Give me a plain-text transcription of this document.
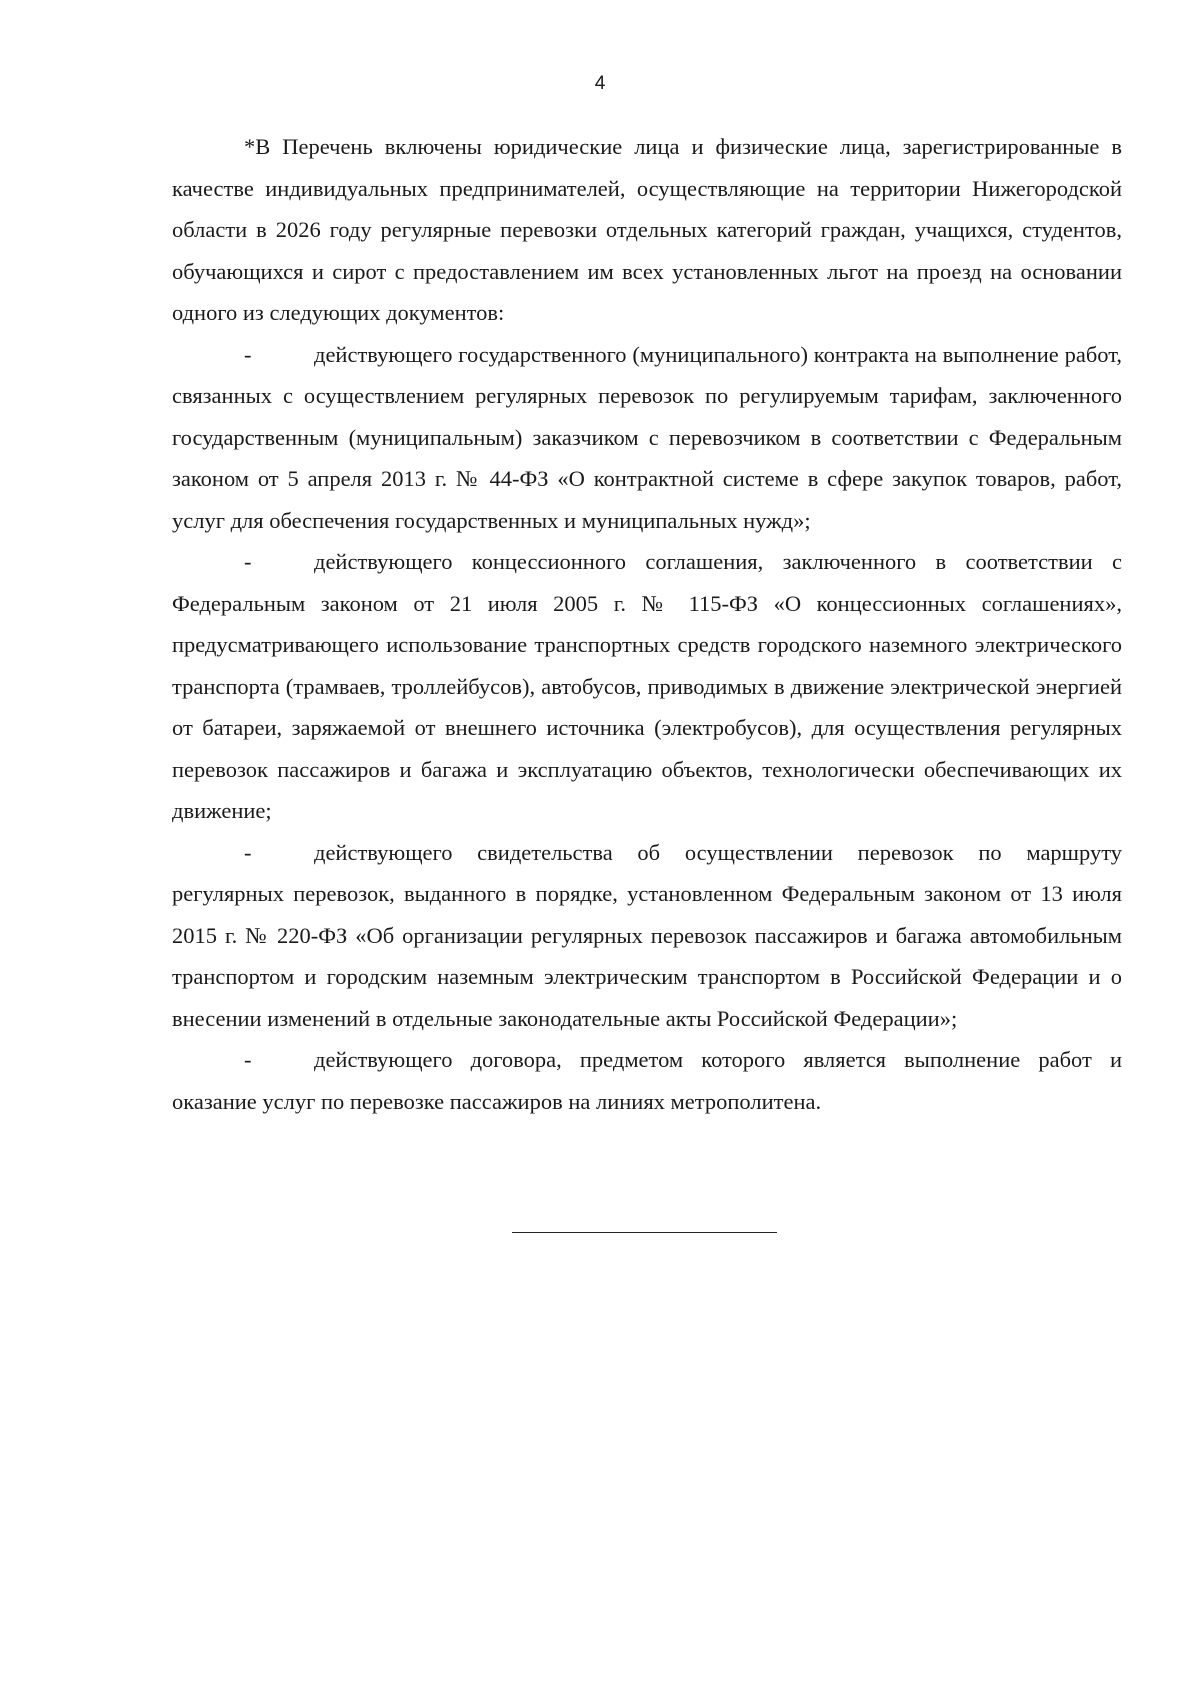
4

*В Перечень включены юридические лица и физические лица, зарегистрированные в качестве индивидуальных предпринимателей, осуществляющие на территории Нижегородской области в 2026 году регулярные перевозки отдельных категорий граждан, учащихся, студентов, обучающихся и сирот с предоставлением им всех установленных льгот на проезд на основании одного из следующих документов:

-	действующего государственного (муниципального) контракта на выполнение работ, связанных с осуществлением регулярных перевозок по регулируемым тарифам, заключенного государственным (муниципальным) заказчиком с перевозчиком в соответствии с Федеральным законом от 5 апреля 2013 г. № 44-ФЗ «О контрактной системе в сфере закупок товаров, работ, услуг для обеспечения государственных и муниципальных нужд»;

-	действующего концессионного соглашения, заключенного в соответствии с Федеральным законом от 21 июля 2005 г. № 115-ФЗ «О концессионных соглашениях», предусматривающего использование транспортных средств городского наземного электрического транспорта (трамваев, троллейбусов), автобусов, приводимых в движение электрической энергией от батареи, заряжаемой от внешнего источника (электробусов), для осуществления регулярных перевозок пассажиров и багажа и эксплуатацию объектов, технологически обеспечивающих их движение;

-	действующего свидетельства об осуществлении перевозок по маршруту регулярных перевозок, выданного в порядке, установленном Федеральным законом от 13 июля 2015 г. № 220-ФЗ «Об организации регулярных перевозок пассажиров и багажа автомобильным транспортом и городским наземным электрическим транспортом в Российской Федерации и о внесении изменений в отдельные законодательные акты Российской Федерации»;

-	действующего договора, предметом которого является выполнение работ и оказание услуг по перевозке пассажиров на линиях метрополитена.
